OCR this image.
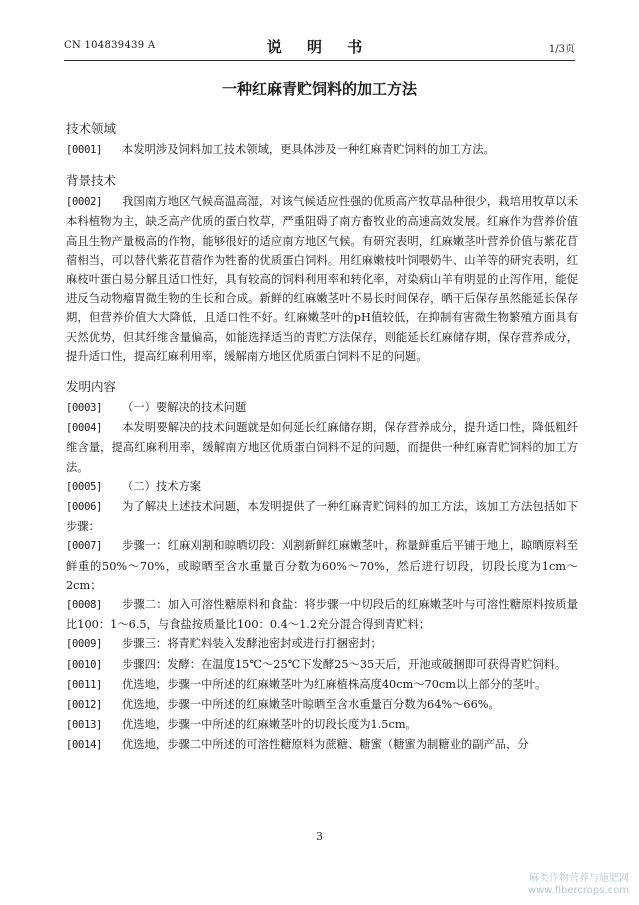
CN 104839439 A	说 明 书	1/3页
一种红麻青贮饲料的加工方法
技术领域

[0001] 本发明涉及饲料加工技术领域，更具体涉及一种红麻青贮饲料的加工方法。

背景技术

[0002] 我国南方地区气候高温高湿，对该气候适应性强的优质高产牧草品种很少，栽培用牧草以禾本科植物为主，缺乏高产优质的蛋白牧草，严重阻碍了南方畜牧业的高速高效发展。红麻作为营养价值高且生物产量极高的作物，能够很好的适应南方地区气候。有研究表明，红麻嫩茎叶营养价值与紫花苜蓿相当，可以替代紫花苜蓿作为牲畜的优质蛋白饲料。用红麻嫩枝叶饲喂奶牛、山羊等的研究表明，红麻枝叶蛋白易分解且适口性好，具有较高的饲料利用率和转化率，对染病山羊有明显的止泻作用，能促进反刍动物瘤胃微生物的生长和合成。新鲜的红麻嫩茎叶不易长时间保存，晒干后保存虽然能延长保存期，但营养价值大大降低，且适口性不好。红麻嫩茎叶的pH值较低，在抑制有害微生物繁殖方面具有天然优势，但其纤维含量偏高，如能选择适当的青贮方法保存，则能延长红麻储存期，保存营养成分，提升适口性，提高红麻利用率，缓解南方地区优质蛋白饲料不足的问题。

发明内容

[0003] （一）要解决的技术问题

[0004] 本发明要解决的技术问题就是如何延长红麻储存期，保存营养成分，提升适口性，降低粗纤维含量，提高红麻利用率，缓解南方地区优质蛋白饲料不足的问题，而提供一种红麻青贮饲料的加工方法。

[0005] （二）技术方案

[0006] 为了解决上述技术问题，本发明提供了一种红麻青贮饲料的加工方法，该加工方法包括如下步骤：

[0007] 步骤一：红麻刈割和晾晒切段：刈割新鲜红麻嫩茎叶，称量鲜重后平铺于地上，晾晒原料至鲜重的50%～70%，或晾晒至含水重量百分数为60%～70%，然后进行切段，切段长度为1cm～2cm；

[0008] 步骤二：加入可溶性糖原料和食盐：将步骤一中切段后的红麻嫩茎叶与可溶性糖原料按质量比100：1～6.5，与食盐按质量比100：0.4～1.2充分混合得到青贮料；

[0009] 步骤三：将青贮料装入发酵池密封或进行打捆密封；

[0010] 步骤四：发酵：在温度15℃～25℃下发酵25～35天后，开池或破捆即可获得青贮饲料。

[0011] 优选地，步骤一中所述的红麻嫩茎叶为红麻植株高度40cm～70cm以上部分的茎叶。

[0012] 优选地，步骤一中所述的红麻嫩茎叶晾晒至含水重量百分数为64%～66%。

[0013] 优选地，步骤一中所述的红麻嫩茎叶的切段长度为1.5cm。

[0014] 优选地，步骤二中所述的可溶性糖原料为蔗糖、糖蜜（糖蜜为制糖业的副产品，分

3
麻类作物营养与施肥网
www.fibercrops.com
